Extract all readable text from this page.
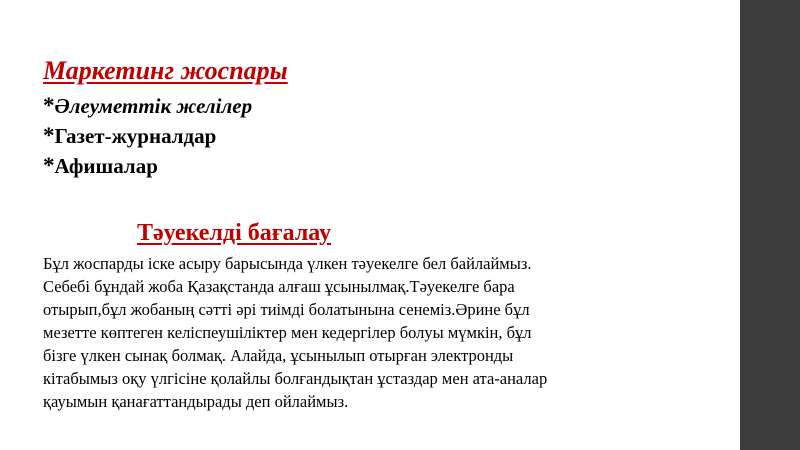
Маркетинг жоспары
*Әлеуметтік желілер
*Газет-журналдар
*Афишалар
Тәуекелді бағалау

Бұл жоспарды іске асыру барысында үлкен тәуекелге бел байлаймыз.
Себебі бұндай жоба Қазақстанда алғаш ұсынылмақ.Тәуекелге бара
отырып,бұл жобаның сәтті әрі тиімді болатынына сенеміз.Әрине бұл
мезетте көптеген келіспеушіліктер мен кедергілер болуы мүмкін, бұл
бізге үлкен сынақ болмақ. Алайда, ұсынылып отырған электронды
кітабымыз оқу үлгісіне қолайлы болғандықтан ұстаздар мен ата-аналар
қауымын қанағаттандырады деп ойлаймыз.
